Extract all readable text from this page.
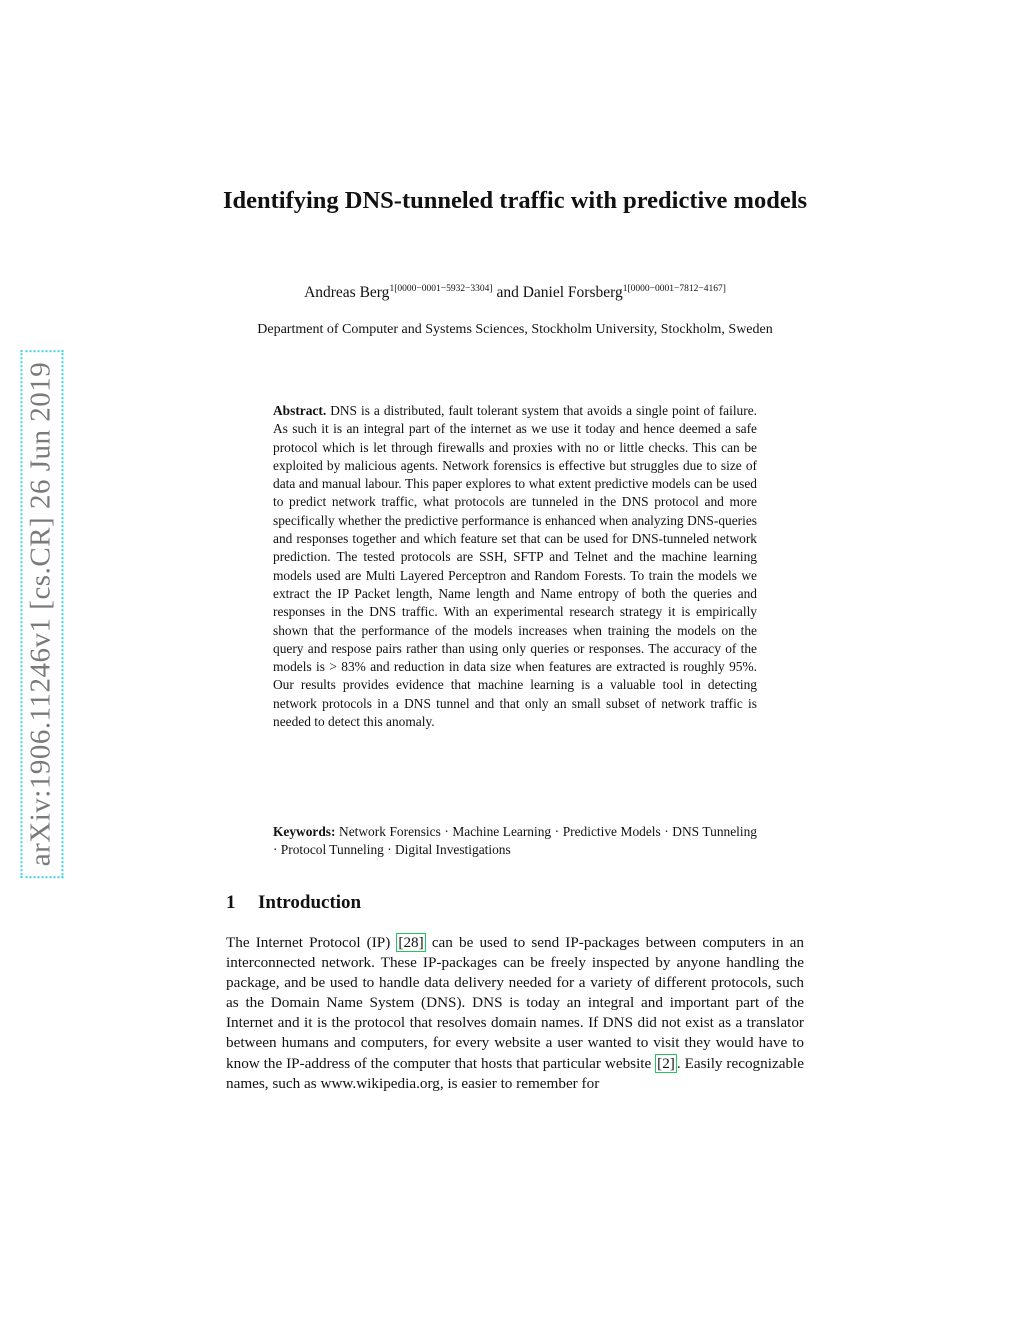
arXiv:1906.11246v1 [cs.CR] 26 Jun 2019
Identifying DNS-tunneled traffic with predictive models
Andreas Berg$^{1[0000-0001-5932-3304]}$ and Daniel Forsberg$^{1[0000-0001-7812-4167]}$
Department of Computer and Systems Sciences, Stockholm University, Stockholm, Sweden
Abstract. DNS is a distributed, fault tolerant system that avoids a single point of failure. As such it is an integral part of the internet as we use it today and hence deemed a safe protocol which is let through firewalls and proxies with no or little checks. This can be exploited by malicious agents. Network forensics is effective but struggles due to size of data and manual labour. This paper explores to what extent predictive models can be used to predict network traffic, what protocols are tunneled in the DNS protocol and more specifically whether the predictive performance is enhanced when analyzing DNS-queries and responses together and which feature set that can be used for DNS-tunneled network prediction. The tested protocols are SSH, SFTP and Telnet and the machine learning models used are Multi Layered Perceptron and Random Forests. To train the models we extract the IP Packet length, Name length and Name entropy of both the queries and responses in the DNS traffic. With an experimental research strategy it is empirically shown that the performance of the models increases when training the models on the query and respose pairs rather than using only queries or responses. The accuracy of the models is > 83% and reduction in data size when features are extracted is roughly 95%. Our results provides evidence that machine learning is a valuable tool in detecting network protocols in a DNS tunnel and that only an small subset of network traffic is needed to detect this anomaly.
Keywords: Network Forensics · Machine Learning · Predictive Models · DNS Tunneling · Protocol Tunneling · Digital Investigations
1 Introduction
The Internet Protocol (IP) [28] can be used to send IP-packages between computers in an interconnected network. These IP-packages can be freely inspected by anyone handling the package, and be used to handle data delivery needed for a variety of different protocols, such as the Domain Name System (DNS). DNS is today an integral and important part of the Internet and it is the protocol that resolves domain names. If DNS did not exist as a translator between humans and computers, for every website a user wanted to visit they would have to know the IP-address of the computer that hosts that particular website [2] . Easily recognizable names, such as www.wikipedia.org, is easier to remember for
